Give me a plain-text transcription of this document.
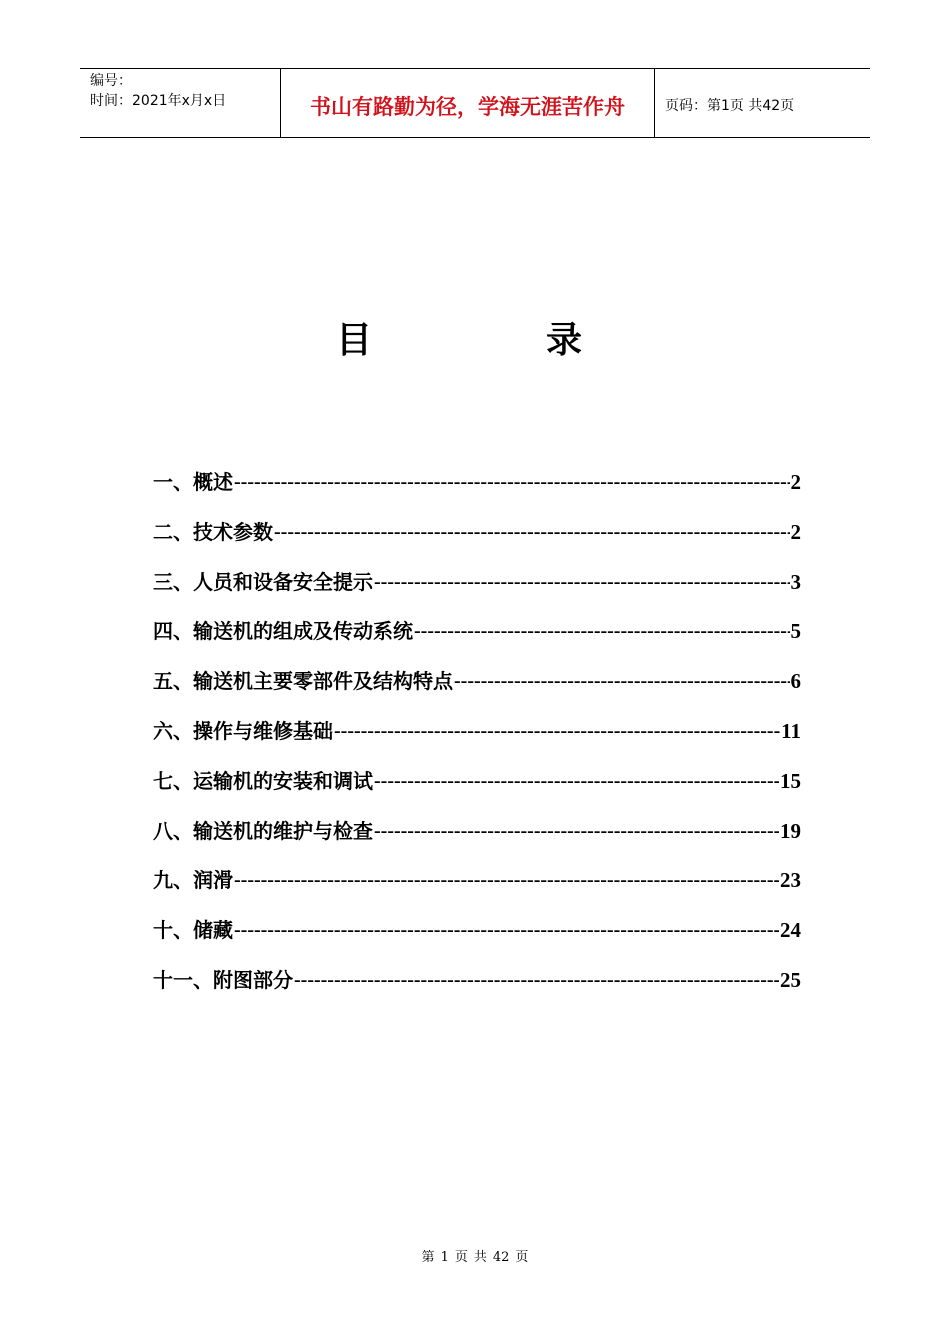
编号：
时间：2021年x月x日	书山有路勤为径，学海无涯苦作舟	页码：第1页 共42页
目	录
一、概述 -----	2
二、技术参数 -----	2
三、人员和设备安全提示 -----	3
四、输送机的组成及传动系统 -----	5
五、输送机主要零部件及结构特点 -----	6
六、操作与维修基础 -----	11
七、运输机的安装和调试 -----	15
八、输送机的维护与检查 -----	19
九、润滑 -----	23
十、储藏 -----	24
十一、附图部分 -----	25
第 1 页 共 42 页
